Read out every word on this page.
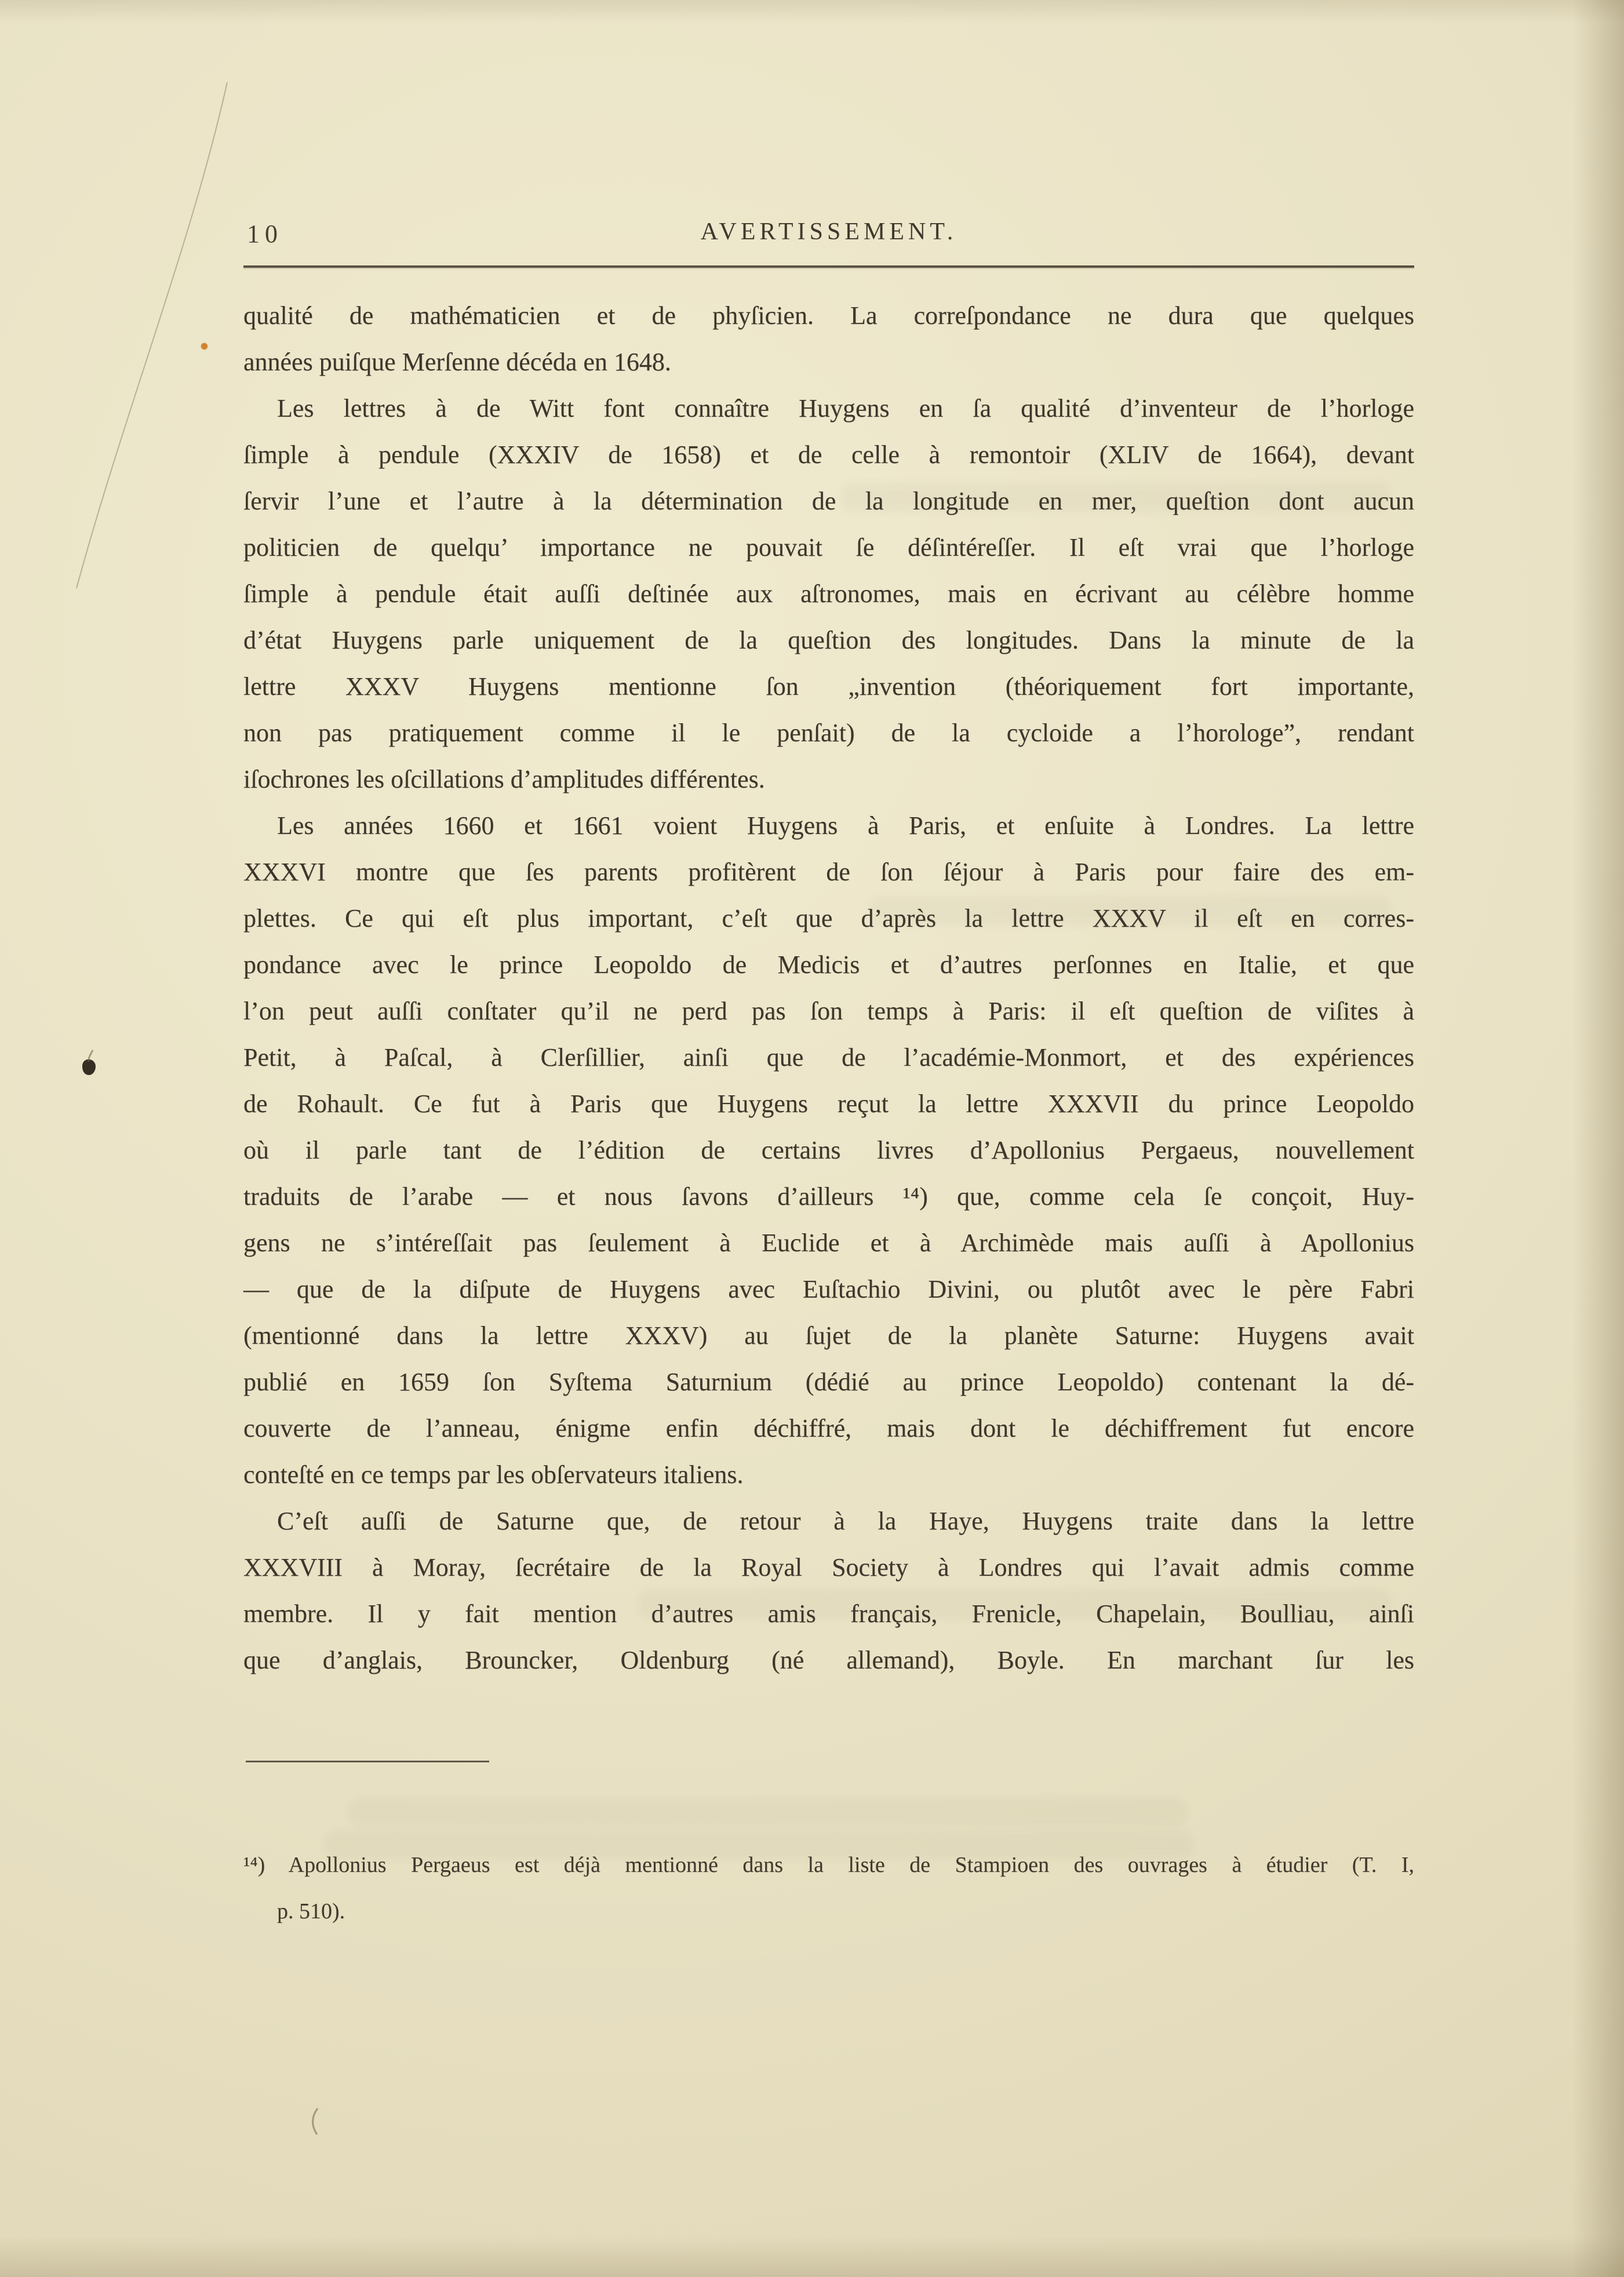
10	AVERTISSEMENT.
qualité de mathématicien et de phyſicien. La correſpondance ne dura que quelques
années puiſque Merſenne décéda en 1648.
Les lettres à de Witt font connaître Huygens en ſa qualité d’inventeur de l’horloge
ſimple à pendule (XXXIV de 1658) et de celle à remontoir (XLIV de 1664), devant
ſervir l’une et l’autre à la détermination de la longitude en mer, queſtion dont aucun
politicien de quelqu’ importance ne pouvait ſe déſintéreſſer. Il eſt vrai que l’horloge
ſimple à pendule était auſſi deſtinée aux aſtronomes, mais en écrivant au célèbre homme
d’état Huygens parle uniquement de la queſtion des longitudes. Dans la minute de la
lettre XXXV Huygens mentionne ſon „invention (théoriquement fort importante,
non pas pratiquement comme il le penſait) de la cycloide a l’horologe”, rendant
iſochrones les oſcillations d’amplitudes différentes.
Les années 1660 et 1661 voient Huygens à Paris, et enſuite à Londres. La lettre
XXXVI montre que ſes parents profitèrent de ſon ſéjour à Paris pour faire des em-
plettes. Ce qui eſt plus important, c’eſt que d’après la lettre XXXV il eſt en corres-
pondance avec le prince Leopoldo de Medicis et d’autres perſonnes en Italie, et que
l’on peut auſſi conſtater qu’il ne perd pas ſon temps à Paris: il eſt queſtion de viſites à
Petit, à Paſcal, à Clerſillier, ainſi que de l’académie-Monmort, et des expériences
de Rohault. Ce fut à Paris que Huygens reçut la lettre XXXVII du prince Leopoldo
où il parle tant de l’édition de certains livres d’Apollonius Pergaeus, nouvellement
traduits de l’arabe — et nous ſavons d’ailleurs ¹⁴) que, comme cela ſe conçoit, Huy-
gens ne s’intéreſſait pas ſeulement à Euclide et à Archimède mais auſſi à Apollonius
— que de la diſpute de Huygens avec Euſtachio Divini, ou plutôt avec le père Fabri
(mentionné dans la lettre XXXV) au ſujet de la planète Saturne: Huygens avait
publié en 1659 ſon Syſtema Saturnium (dédié au prince Leopoldo) contenant la dé-
couverte de l’anneau, énigme enfin déchiffré, mais dont le déchiffrement fut encore
conteſté en ce temps par les obſervateurs italiens.
C’eſt auſſi de Saturne que, de retour à la Haye, Huygens traite dans la lettre
XXXVIII à Moray, ſecrétaire de la Royal Society à Londres qui l’avait admis comme
membre. Il y fait mention d’autres amis français, Frenicle, Chapelain, Boulliau, ainſi
que d’anglais, Brouncker, Oldenburg (né allemand), Boyle. En marchant ſur les
¹⁴) Apollonius Pergaeus est déjà mentionné dans la liste de Stampioen des ouvrages à étudier (T. I,
p. 510).
